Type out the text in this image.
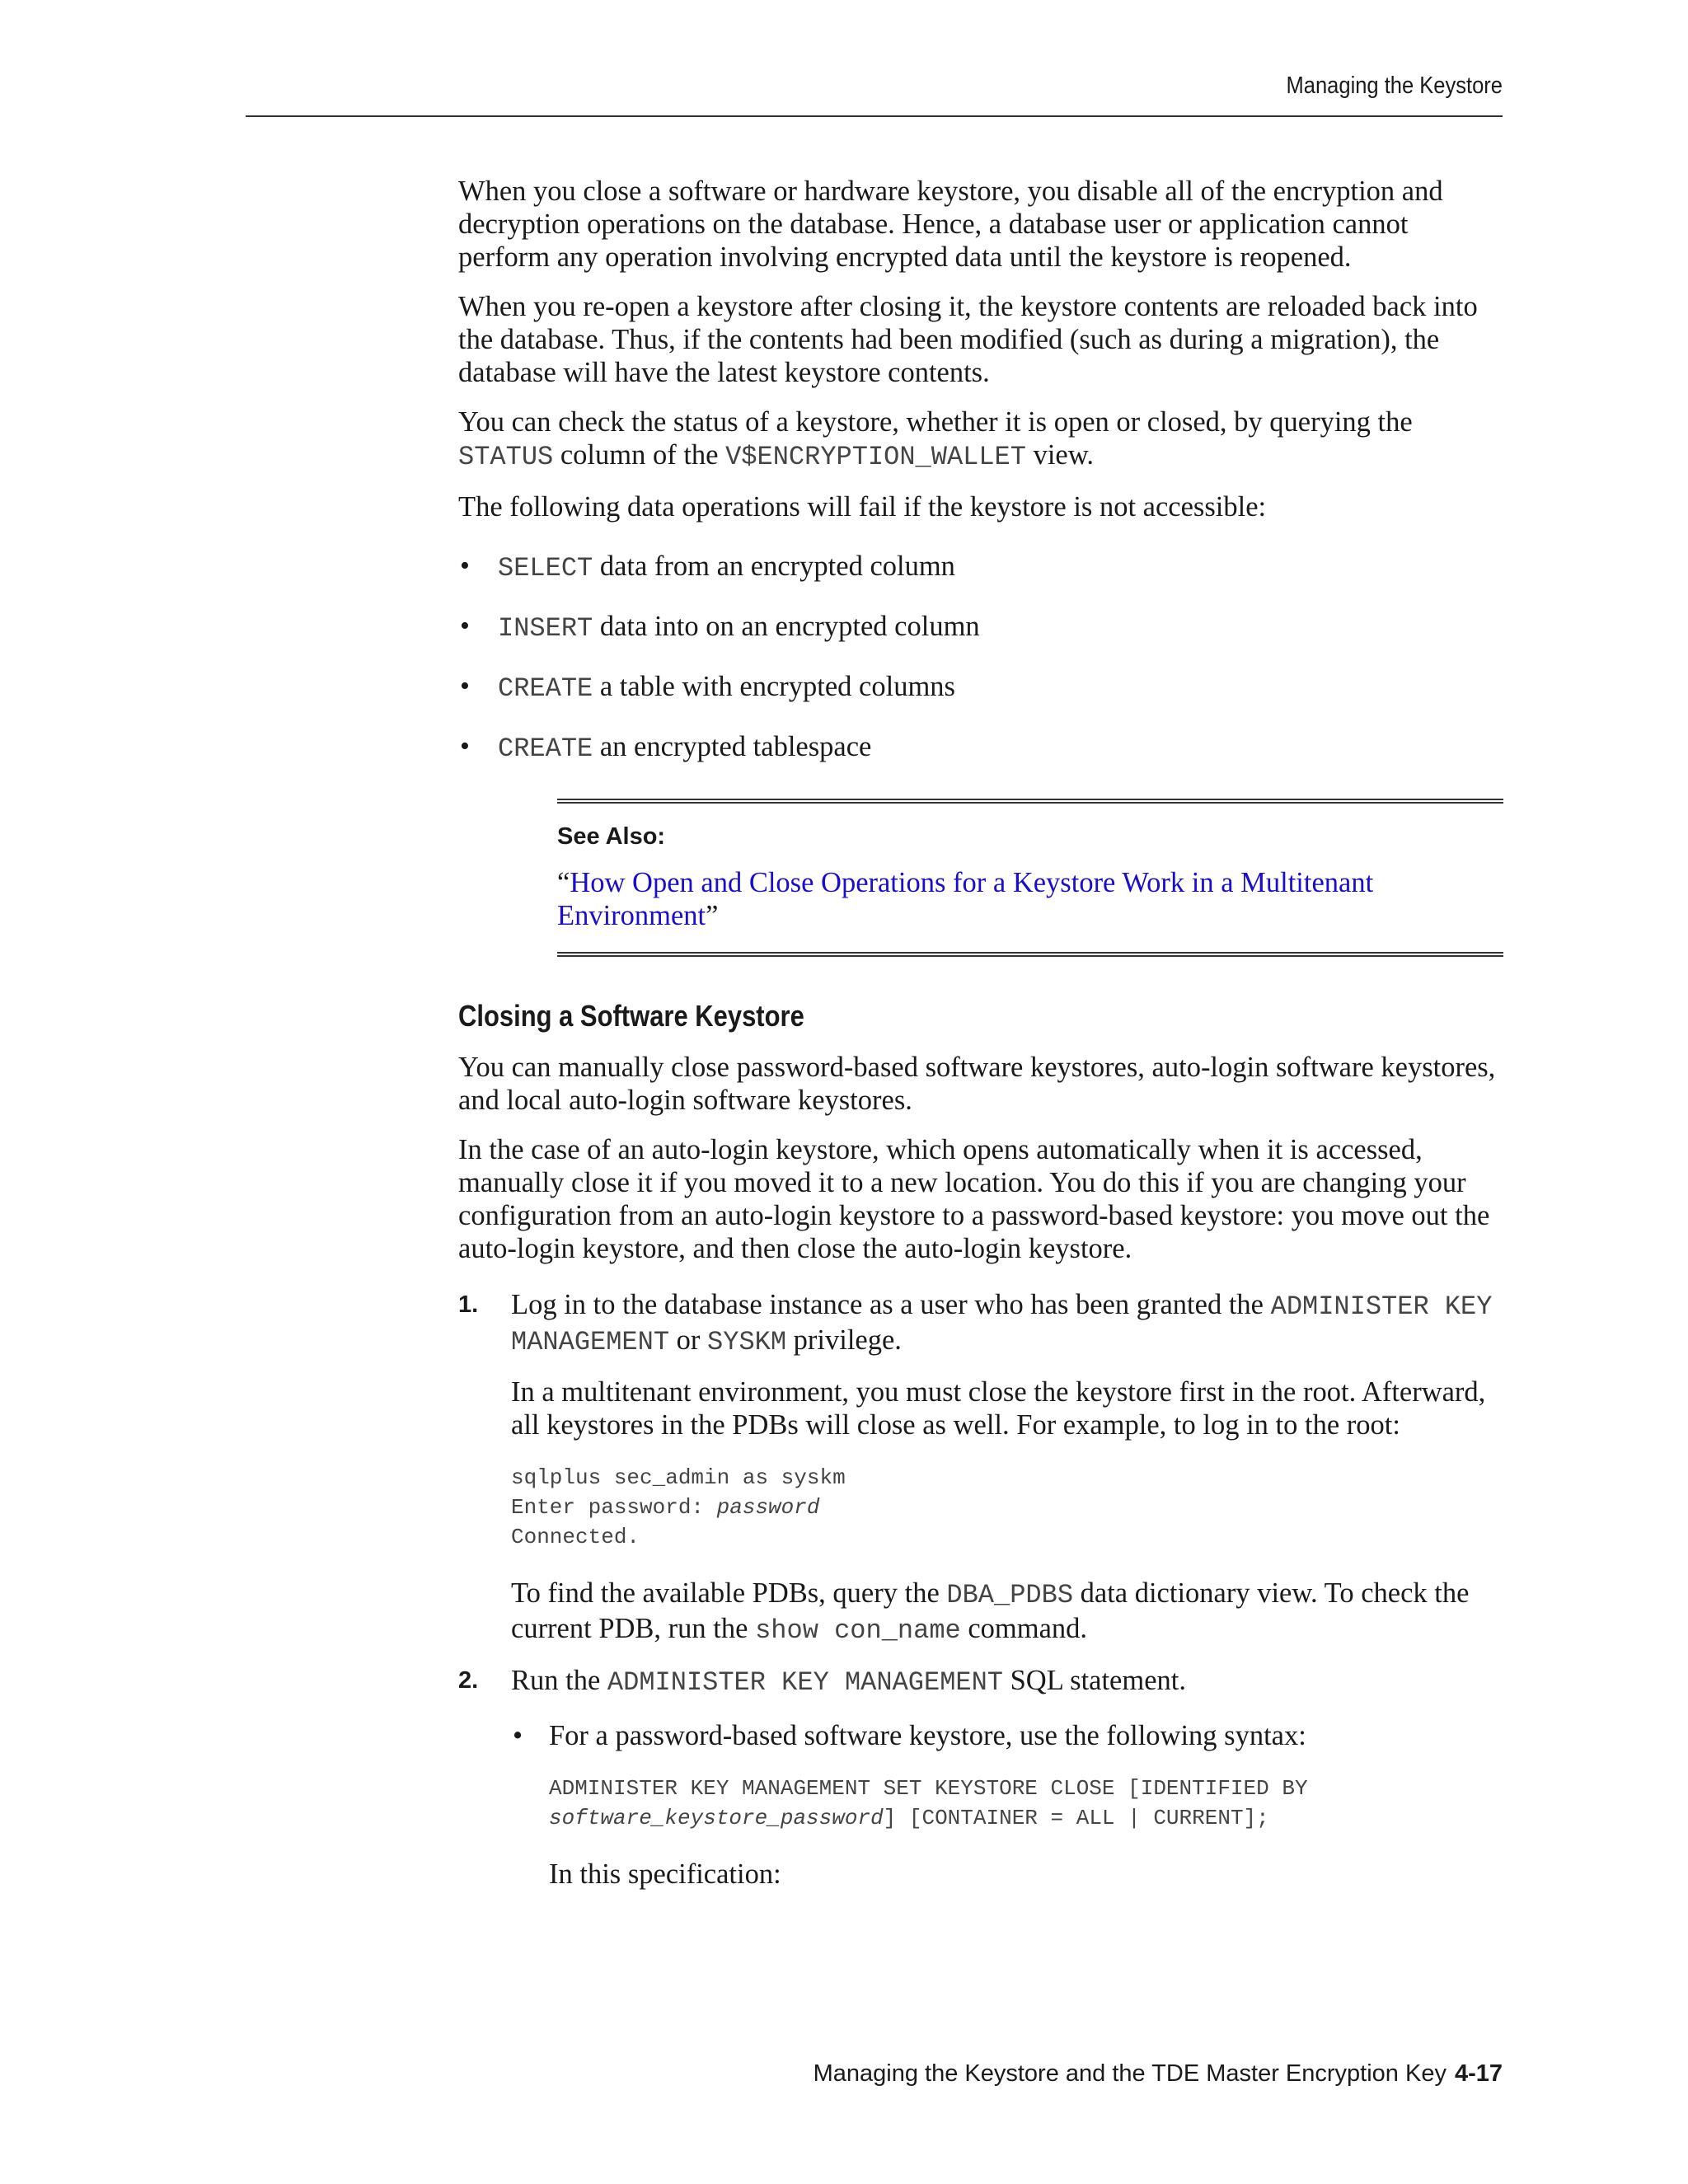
Managing the Keystore

When you close a software or hardware keystore, you disable all of the encryption and decryption operations on the database. Hence, a database user or application cannot perform any operation involving encrypted data until the keystore is reopened.

When you re-open a keystore after closing it, the keystore contents are reloaded back into the database. Thus, if the contents had been modified (such as during a migration), the database will have the latest keystore contents.

You can check the status of a keystore, whether it is open or closed, by querying the STATUS column of the V$ENCRYPTION_WALLET view.

The following data operations will fail if the keystore is not accessible:

• SELECT data from an encrypted column
• INSERT data into on an encrypted column
• CREATE a table with encrypted columns
• CREATE an encrypted tablespace
See Also:
“How Open and Close Operations for a Keystore Work in a Multitenant Environment”
Closing a Software Keystore

You can manually close password-based software keystores, auto-login software keystores, and local auto-login software keystores.

In the case of an auto-login keystore, which opens automatically when it is accessed, manually close it if you moved it to a new location. You do this if you are changing your configuration from an auto-login keystore to a password-based keystore: you move out the auto-login keystore, and then close the auto-login keystore.

1. Log in to the database instance as a user who has been granted the ADMINISTER KEY MANAGEMENT or SYSKM privilege.

In a multitenant environment, you must close the keystore first in the root. Afterward, all keystores in the PDBs will close as well. For example, to log in to the root:

sqlplus sec_admin as syskm
Enter password: password
Connected.

To find the available PDBs, query the DBA_PDBS data dictionary view. To check the current PDB, run the show con_name command.

2. Run the ADMINISTER KEY MANAGEMENT SQL statement.
• For a password-based software keystore, use the following syntax:
ADMINISTER KEY MANAGEMENT SET KEYSTORE CLOSE [IDENTIFIED BY
software_keystore_password] [CONTAINER = ALL | CURRENT];

In this specification:

Managing the Keystore and the TDE Master Encryption Key 4-17
